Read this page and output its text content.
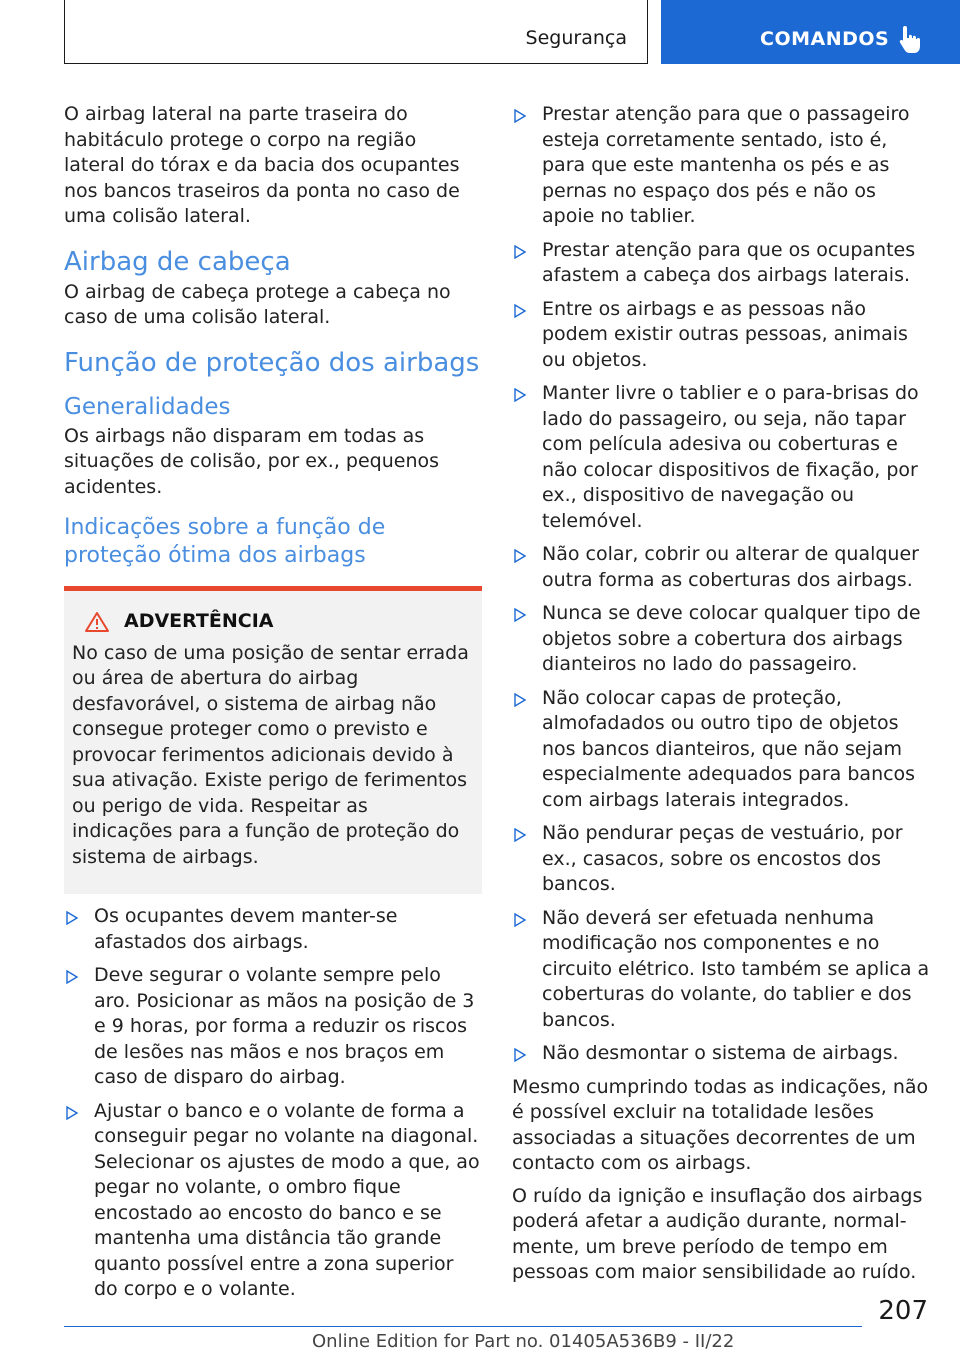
Segurança	COMANDOS

O airbag lateral na parte traseira do habitáculo protege o corpo na região lateral do tórax e da bacia dos ocupantes nos bancos traseiros da ponta no caso de uma colisão lateral.

Airbag de cabeça

O airbag de cabeça protege a cabeça no caso de uma colisão lateral.

Função de proteção dos airbags
Generalidades

Os airbags não disparam em todas as situações de colisão, por ex., pequenos acidentes.

Indicações sobre a função de proteção ótima dos airbags
ADVERTÊNCIA

No caso de uma posição de sentar errada ou área de abertura do airbag desfavorável, o sistema de airbag não consegue proteger como o previsto e provocar ferimentos adicionais devido à sua ativação. Existe perigo de ferimentos ou perigo de vida. Respeitar as indicações para a função de proteção do sistema de airbags.

Os ocupantes devem manter-se afastados dos airbags.
Deve segurar o volante sempre pelo aro. Posicionar as mãos na posição de 3 e 9 horas, por forma a reduzir os riscos de lesões nas mãos e nos braços em caso de disparo do airbag.
Ajustar o banco e o volante de forma a conseguir pegar no volante na diagonal. Selecionar os ajustes de modo a que, ao pegar no volante, o ombro fique encostado ao encosto do banco e se mantenha uma distância tão grande quanto possível entre a zona superior do corpo e o volante.
Prestar atenção para que o passageiro esteja corretamente sentado, isto é, para que este mantenha os pés e as pernas no espaço dos pés e não os apoie no tablier.
Prestar atenção para que os ocupantes afastem a cabeça dos airbags laterais.
Entre os airbags e as pessoas não podem existir outras pessoas, animais ou objetos.
Manter livre o tablier e o para-brisas do lado do passageiro, ou seja, não tapar com película adesiva ou coberturas e não colocar dispositivos de fixação, por ex., dispositivo de navegação ou telemóvel.
Não colar, cobrir ou alterar de qualquer outra forma as coberturas dos airbags.
Nunca se deve colocar qualquer tipo de objetos sobre a cobertura dos airbags dianteiros no lado do passageiro.
Não colocar capas de proteção, almofadados ou outro tipo de objetos nos bancos dianteiros, que não sejam especialmente adequados para bancos com airbags laterais integrados.
Não pendurar peças de vestuário, por ex., casacos, sobre os encostos dos bancos.
Não deverá ser efetuada nenhuma modificação nos componentes e no circuito elétrico. Isto também se aplica a coberturas do volante, do tablier e dos bancos.
Não desmontar o sistema de airbags.

Mesmo cumprindo todas as indicações, não é possível excluir na totalidade lesões associadas a situações decorrentes de um contacto com os airbags.

O ruído da ignição e insuflação dos airbags poderá afetar a audição durante, normalmente, um breve período de tempo em pessoas com maior sensibilidade ao ruído.

207
Online Edition for Part no. 01405A536B9 - II/22
